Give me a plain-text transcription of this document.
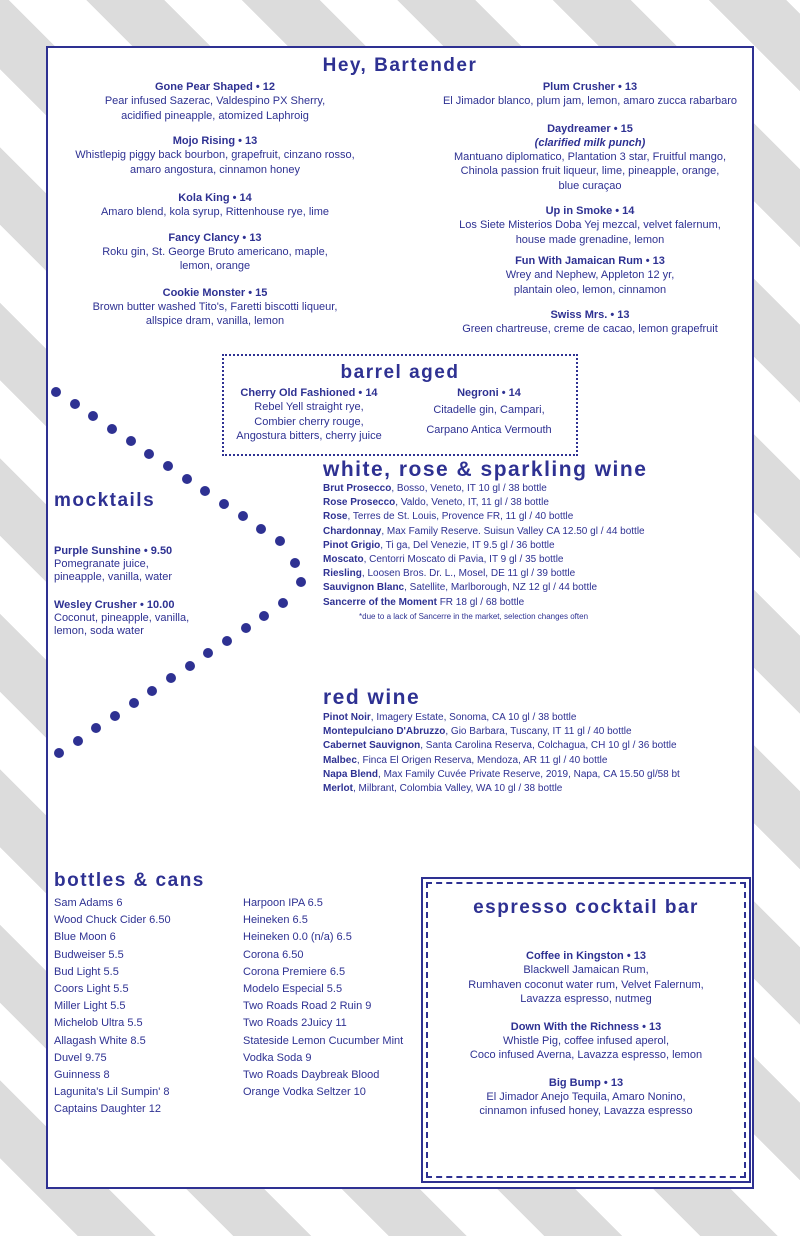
Hey, Bartender
Gone Pear Shaped • 12
Pear infused Sazerac, Valdespino PX Sherry,
acidified pineapple, atomized Laphroig
Mojo Rising • 13
Whistlepig piggy back bourbon, grapefruit, cinzano rosso,
amaro angostura, cinnamon honey
Kola King • 14
Amaro blend, kola syrup, Rittenhouse rye, lime
Fancy Clancy • 13
Roku gin, St. George Bruto americano, maple,
lemon, orange
Cookie Monster • 15
Brown butter washed Tito's, Faretti biscotti liqueur,
allspice dram, vanilla, lemon
Plum Crusher • 13
El Jimador blanco, plum jam, lemon, amaro zucca rabarbaro
Daydreamer • 15
(clarified milk punch)
Mantuano diplomatico, Plantation 3 star, Fruitful mango,
Chinola passion fruit liqueur, lime, pineapple, orange,
blue curaçao
Up in Smoke • 14
Los Siete Misterios Doba Yej mezcal, velvet falernum,
house made grenadine, lemon
Fun With Jamaican Rum • 13
Wrey and Nephew, Appleton 12 yr,
plantain oleo, lemon, cinnamon
Swiss Mrs. • 13
Green chartreuse, creme de cacao, lemon grapefruit
barrel aged
Cherry Old Fashioned • 14
Rebel Yell straight rye,
Combier cherry rouge,
Angostura bitters, cherry juice
Negroni • 14
Citadelle gin, Campari,
Carpano Antica Vermouth
white, rose & sparkling wine
Brut Prosecco, Bosso, Veneto, IT 10 gl / 38 bottle
Rose Prosecco, Valdo, Veneto, IT, 11 gl / 38 bottle
Rose, Terres de St. Louis, Provence FR, 11 gl / 40 bottle
Chardonnay, Max Family Reserve. Suisun Valley CA 12.50 gl / 44 bottle
Pinot Grigio, Ti ga, Del Venezie, IT 9.5 gl / 36 bottle
Moscato, Centorri Moscato di Pavia, IT 9 gl / 35 bottle
Riesling, Loosen Bros. Dr. L., Mosel, DE 11 gl / 39 bottle
Sauvignon Blanc, Satellite, Marlborough, NZ 12 gl / 44 bottle
Sancerre of the Moment FR 18 gl / 68 bottle
*due to a lack of Sancerre in the market, selection changes often
mocktails
Purple Sunshine • 9.50
Pomegranate juice,
pineapple, vanilla, water
Wesley Crusher • 10.00
Coconut, pineapple, vanilla,
lemon, soda water
red wine
Pinot Noir, Imagery Estate, Sonoma, CA 10 gl / 38 bottle
Montepulciano D'Abruzzo, Gio Barbara, Tuscany, IT 11 gl / 40 bottle
Cabernet Sauvignon, Santa Carolina Reserva, Colchagua, CH 10 gl / 36 bottle
Malbec, Finca El Origen Reserva, Mendoza, AR 11 gl / 40 bottle
Napa Blend, Max Family Cuvée Private Reserve, 2019, Napa, CA 15.50 gl/58 bt
Merlot, Milbrant, Colombia Valley, WA 10 gl / 38 bottle
bottles & cans
Sam Adams 6
Wood Chuck Cider 6.50
Blue Moon 6
Budweiser 5.5
Bud Light 5.5
Coors Light 5.5
Miller Light 5.5
Michelob Ultra 5.5
Allagash White 8.5
Duvel 9.75
Guinness 8
Lagunita's Lil Sumpin' 8
Captains Daughter 12
Harpoon IPA 6.5
Heineken 6.5
Heineken 0.0 (n/a) 6.5
Corona 6.50
Corona Premiere 6.5
Modelo Especial 5.5
Two Roads Road 2 Ruin 9
Two Roads 2Juicy 11
Stateside Lemon Cucumber Mint
Vodka Soda 9
Two Roads Daybreak Blood
Orange Vodka Seltzer 10
espresso cocktail bar
Coffee in Kingston • 13
Blackwell Jamaican Rum,
Rumhaven coconut water rum, Velvet Falernum,
Lavazza espresso, nutmeg
Down With the Richness • 13
Whistle Pig, coffee infused aperol,
Coco infused Averna, Lavazza espresso, lemon
Big Bump • 13
El Jimador Anejo Tequila, Amaro Nonino,
cinnamon infused honey, Lavazza espresso
